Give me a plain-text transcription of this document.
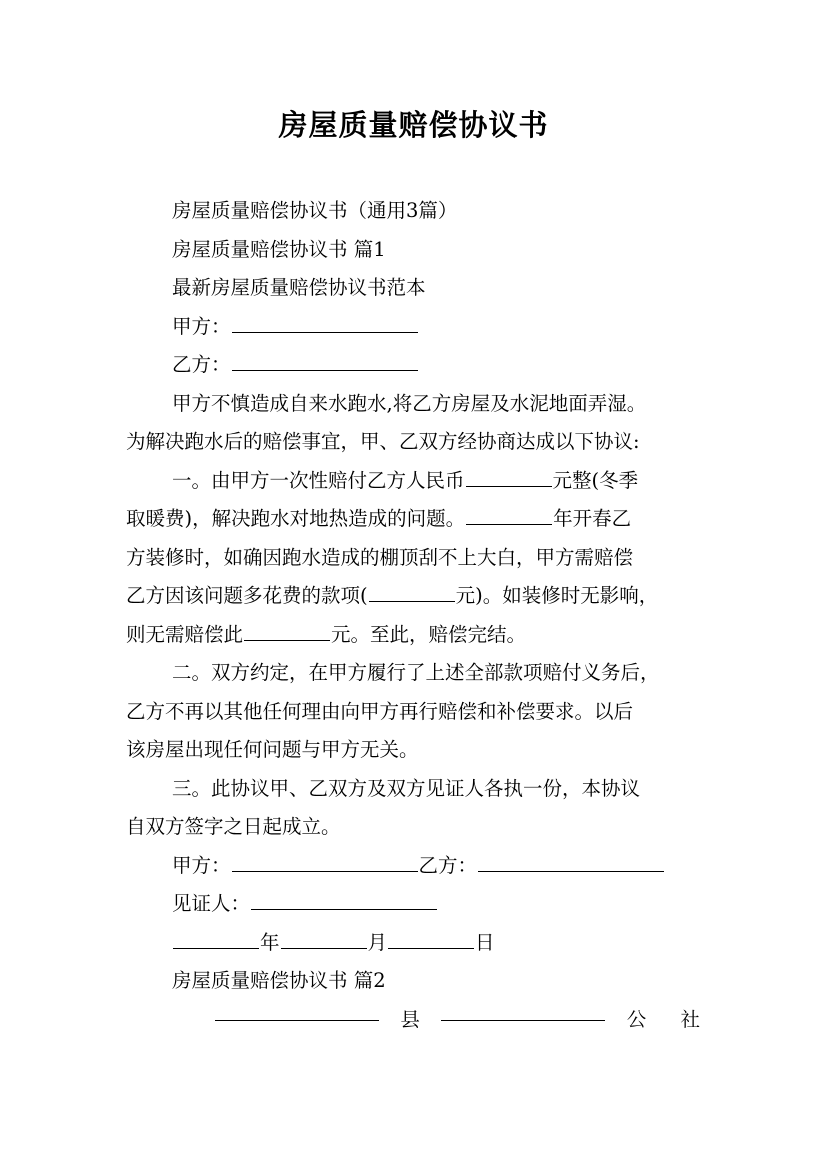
房屋质量赔偿协议书
房屋质量赔偿协议书（通用3篇）
房屋质量赔偿协议书 篇1
最新房屋质量赔偿协议书范本
甲方：
乙方：
甲方不慎造成自来水跑水,将乙方房屋及水泥地面弄湿。
为解决跑水后的赔偿事宜，甲、乙双方经协商达成以下协议:
一。由甲方一次性赔付乙方人民币	元整(冬季
取暖费)，解决跑水对地热造成的问题。	年开春乙
方装修时，如确因跑水造成的棚顶刮不上大白，甲方需赔偿
乙方因该问题多花费的款项(	元)。如装修时无影响，
则无需赔偿此	元。至此，赔偿完结。
二。双方约定，在甲方履行了上述全部款项赔付义务后，
乙方不再以其他任何理由向甲方再行赔偿和补偿要求。以后
该房屋出现任何问题与甲方无关。
三。此协议甲、乙双方及双方见证人各执一份，本协议
自双方签字之日起成立。
甲方：	乙方：
见证人：
年	月	日
房屋质量赔偿协议书 篇2
县	公 社
